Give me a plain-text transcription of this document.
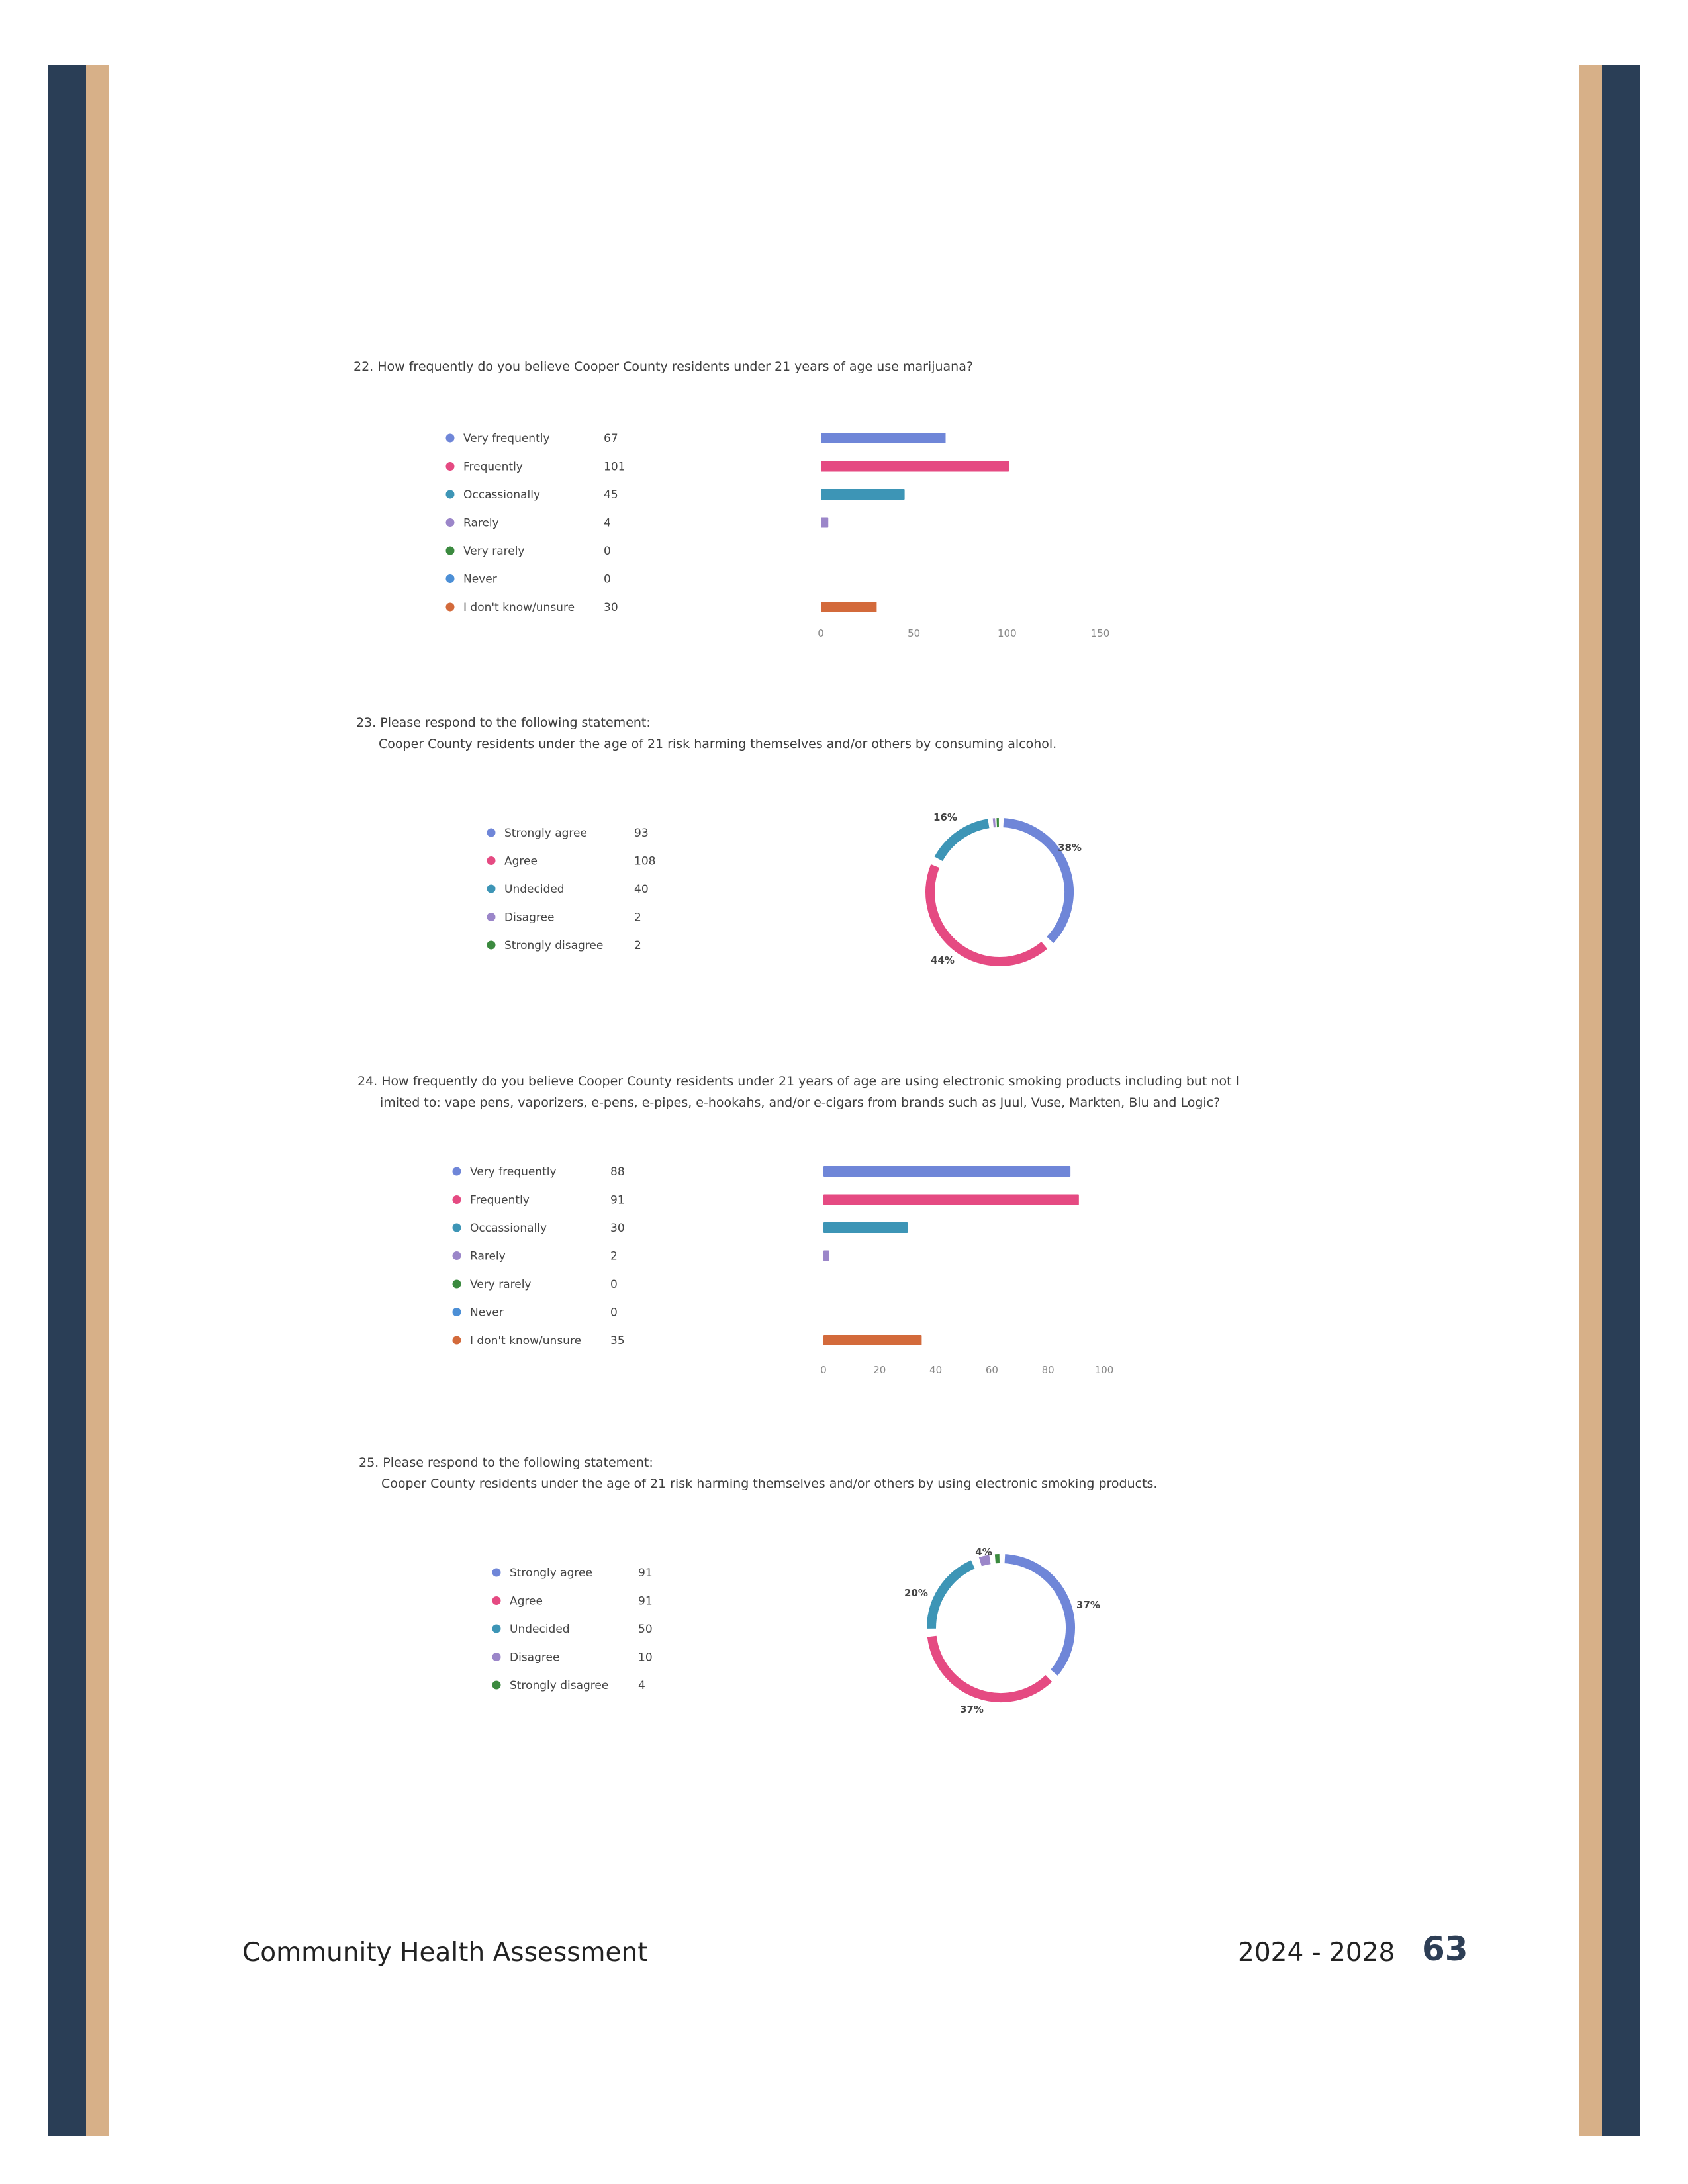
22. How frequently do you believe Cooper County residents under 21 years of age use marijuana?
23. Please respond to the following statement:
Cooper County residents under the age of 21 risk harming themselves and/or others by consuming alcohol.
24. How frequently do you believe Cooper County residents under 21 years of age are using electronic smoking products including but not l
imited to: vape pens, vaporizers, e-pens, e-pipes, e-hookahs, and/or e-cigars from brands such as Juul, Vuse, Markten, Blu and Logic?
25. Please respond to the following statement:
Cooper County residents under the age of 21 risk harming themselves and/or others by using electronic smoking products.
Very frequently	67
Frequently	101
Occassionally	45
Rarely	4
Very rarely	0
Never	0
I don't know/unsure	30
0	50	100	150
Strongly agree	93
Agree	108
Undecided	40
Disagree	2
Strongly disagree	2
38%
44%
16%
Very frequently	88
Frequently	91
Occassionally	30
Rarely	2
Very rarely	0
Never	0
I don't know/unsure	35
0	20	40	60	80	100
Strongly agree	91
Agree	91
Undecided	50
Disagree	10
Strongly disagree	4
37%
37%
20%
4%
Community Health Assessment	2024 - 2028 63
